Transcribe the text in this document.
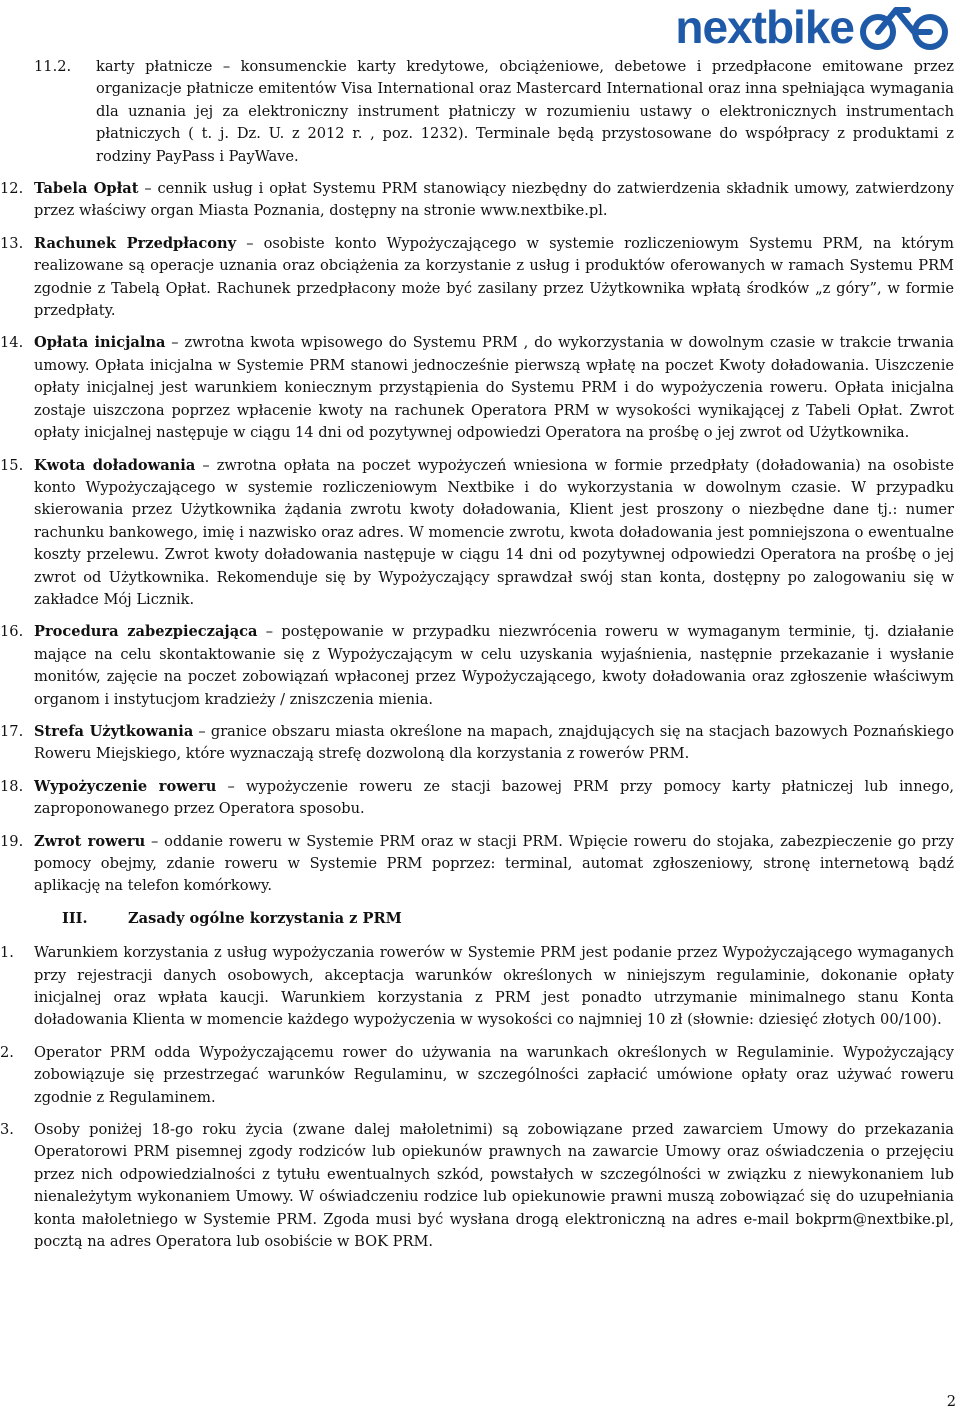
nextbike
11.2. karty płatnicze – konsumenckie karty kredytowe, obciążeniowe, debetowe i przedpłacone emitowane przez organizacje płatnicze emitentów Visa International oraz Mastercard International oraz inna spełniająca wymagania dla uznania jej za elektroniczny instrument płatniczy w rozumieniu ustawy o elektronicznych instrumentach płatniczych ( t. j. Dz. U. z 2012 r. , poz. 1232). Terminale będą przystosowane do współpracy z produktami z rodziny PayPass i PayWave.
12. Tabela Opłat – cennik usług i opłat Systemu PRM stanowiący niezbędny do zatwierdzenia składnik umowy, zatwierdzony przez właściwy organ Miasta Poznania, dostępny na stronie www.nextbike.pl.
13. Rachunek Przedpłacony – osobiste konto Wypożyczającego w systemie rozliczeniowym Systemu PRM, na którym realizowane są operacje uznania oraz obciążenia za korzystanie z usług i produktów oferowanych w ramach Systemu PRM zgodnie z Tabelą Opłat. Rachunek przedpłacony może być zasilany przez Użytkownika wpłatą środków „z góry”, w formie przedpłaty.
14. Opłata inicjalna – zwrotna kwota wpisowego do Systemu PRM , do wykorzystania w dowolnym czasie w trakcie trwania umowy. Opłata inicjalna w Systemie PRM stanowi jednocześnie pierwszą wpłatę na poczet Kwoty doładowania. Uiszczenie opłaty inicjalnej jest warunkiem koniecznym przystąpienia do Systemu PRM i do wypożyczenia roweru. Opłata inicjalna zostaje uiszczona poprzez wpłacenie kwoty na rachunek Operatora PRM w wysokości wynikającej z Tabeli Opłat. Zwrot opłaty inicjalnej następuje w ciągu 14 dni od pozytywnej odpowiedzi Operatora na prośbę o jej zwrot od Użytkownika.
15. Kwota doładowania – zwrotna opłata na poczet wypożyczeń wniesiona w formie przedpłaty (doładowania) na osobiste konto Wypożyczającego w systemie rozliczeniowym Nextbike i do wykorzystania w dowolnym czasie. W przypadku skierowania przez Użytkownika żądania zwrotu kwoty doładowania, Klient jest proszony o niezbędne dane tj.: numer rachunku bankowego, imię i nazwisko oraz adres. W momencie zwrotu, kwota doładowania jest pomniejszona o ewentualne koszty przelewu. Zwrot kwoty doładowania następuje w ciągu 14 dni od pozytywnej odpowiedzi Operatora na prośbę o jej zwrot od Użytkownika. Rekomenduje się by Wypożyczający sprawdzał swój stan konta, dostępny po zalogowaniu się w zakładce Mój Licznik.
16. Procedura zabezpieczająca – postępowanie w przypadku niezwrócenia roweru w wymaganym terminie, tj. działanie mające na celu skontaktowanie się z Wypożyczającym w celu uzyskania wyjaśnienia, następnie przekazanie i wysłanie monitów, zajęcie na poczet zobowiązań wpłaconej przez Wypożyczającego, kwoty doładowania oraz zgłoszenie właściwym organom i instytucjom kradzieży / zniszczenia mienia.
17. Strefa Użytkowania – granice obszaru miasta określone na mapach, znajdujących się na stacjach bazowych Poznańskiego Roweru Miejskiego, które wyznaczają strefę dozwoloną dla korzystania z rowerów PRM.
18. Wypożyczenie roweru – wypożyczenie roweru ze stacji bazowej PRM przy pomocy karty płatniczej lub innego, zaproponowanego przez Operatora sposobu.
19. Zwrot roweru – oddanie roweru w Systemie PRM oraz w stacji PRM. Wpięcie roweru do stojaka, zabezpieczenie go przy pomocy obejmy, zdanie roweru w Systemie PRM poprzez: terminal, automat zgłoszeniowy, stronę internetową bądź aplikację na telefon komórkowy.
III.	Zasady ogólne korzystania z PRM
1. Warunkiem korzystania z usług wypożyczania rowerów w Systemie PRM jest podanie przez Wypożyczającego wymaganych przy rejestracji danych osobowych, akceptacja warunków określonych w niniejszym regulaminie, dokonanie opłaty inicjalnej oraz wpłata kaucji. Warunkiem korzystania z PRM jest ponadto utrzymanie minimalnego stanu Konta doładowania Klienta w momencie każdego wypożyczenia w wysokości co najmniej 10 zł (słownie: dziesięć złotych 00/100).
2. Operator PRM odda Wypożyczającemu rower do używania na warunkach określonych w Regulaminie. Wypożyczający zobowiązuje się przestrzegać warunków Regulaminu, w szczególności zapłacić umówione opłaty oraz używać roweru zgodnie z Regulaminem.
3. Osoby poniżej 18-go roku życia (zwane dalej małoletnimi) są zobowiązane przed zawarciem Umowy do przekazania Operatorowi PRM pisemnej zgody rodziców lub opiekunów prawnych na zawarcie Umowy oraz oświadczenia o przejęciu przez nich odpowiedzialności z tytułu ewentualnych szkód, powstałych w szczególności w związku z niewykonaniem lub nienależytym wykonaniem Umowy. W oświadczeniu rodzice lub opiekunowie prawni muszą zobowiązać się do uzupełniania konta małoletniego w Systemie PRM. Zgoda musi być wysłana drogą elektroniczną na adres e-mail bokprm@nextbike.pl, pocztą na adres Operatora lub osobiście w BOK PRM.
2
